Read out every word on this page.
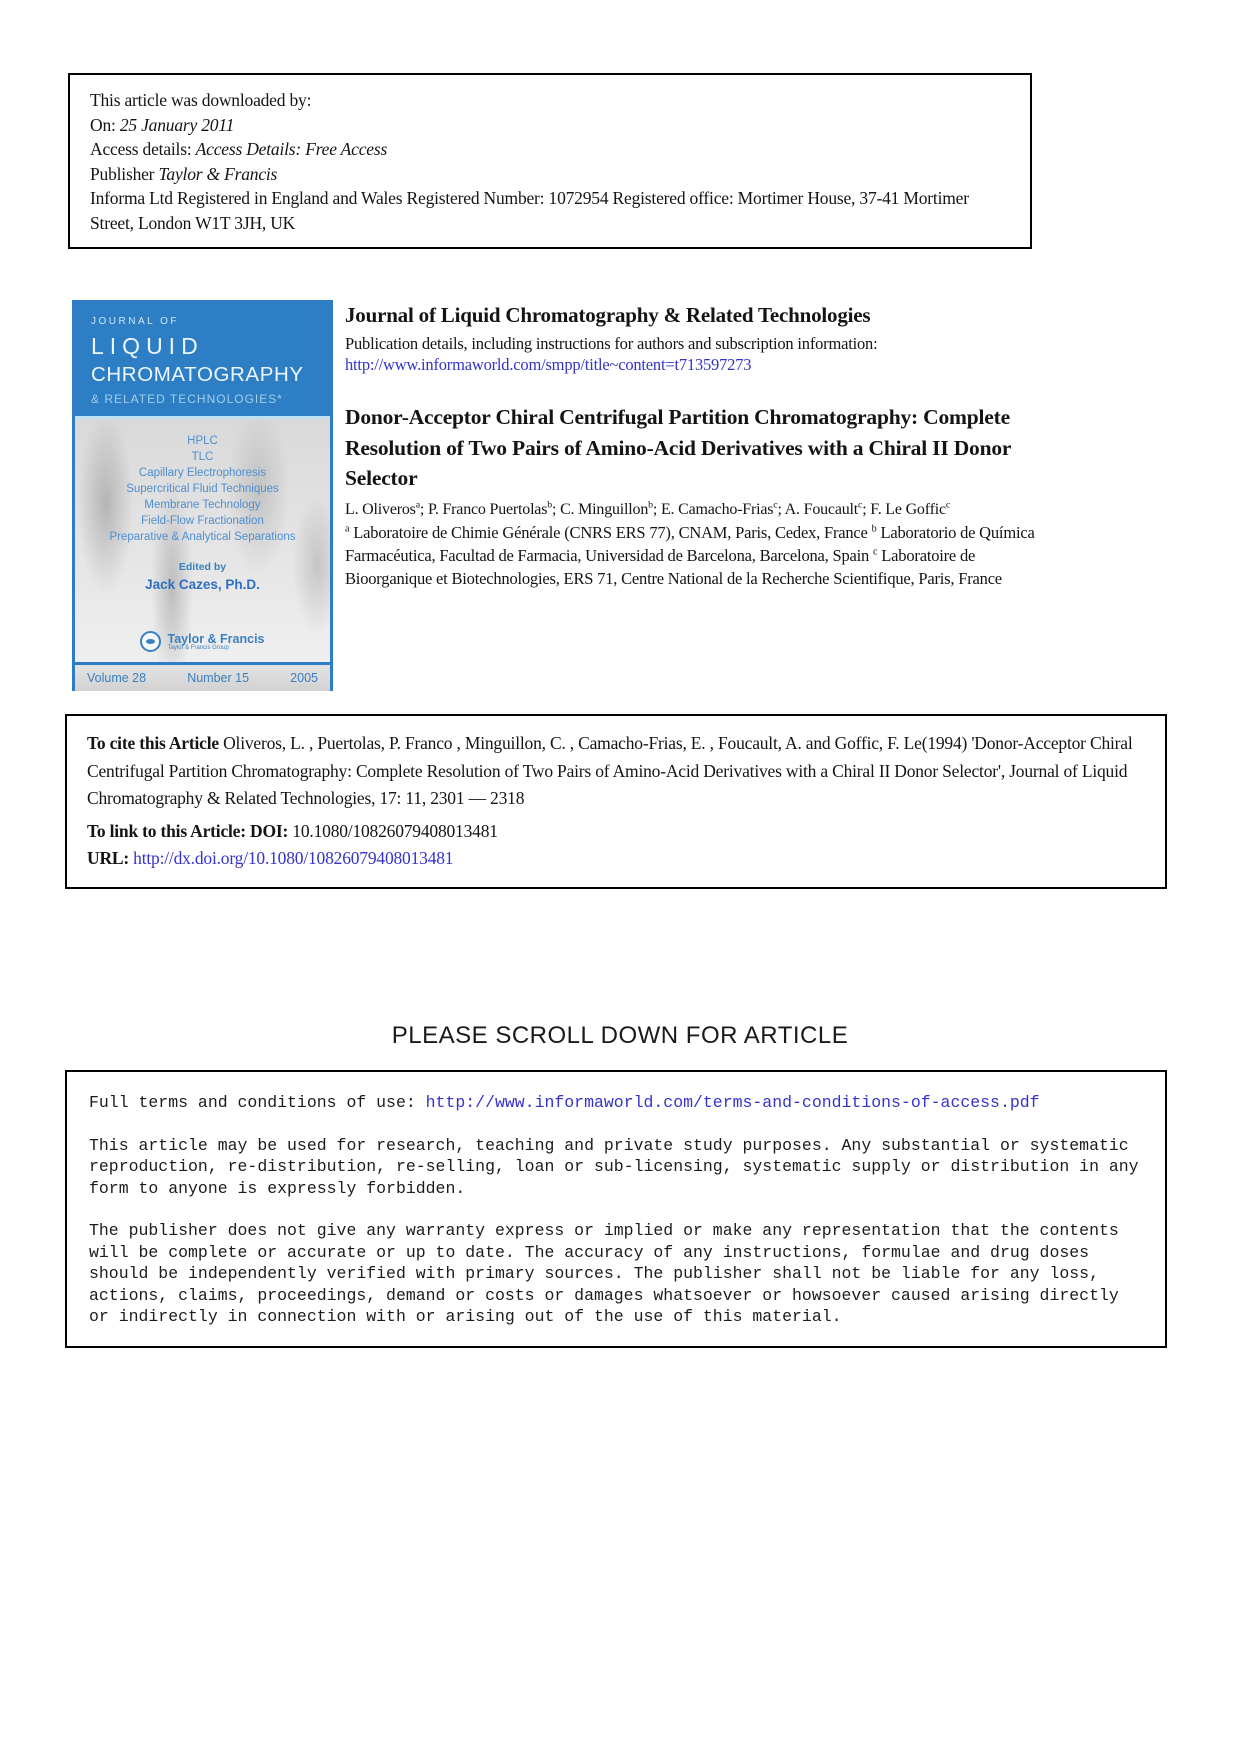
This article was downloaded by:
On: 25 January 2011
Access details: Access Details: Free Access
Publisher Taylor & Francis
Informa Ltd Registered in England and Wales Registered Number: 1072954 Registered office: Mortimer House, 37-41 Mortimer Street, London W1T 3JH, UK
JOURNAL OF
LIQUID
CHROMATOGRAPHY
& RELATED TECHNOLOGIES*
HPLC
TLC
Capillary Electrophoresis
Supercritical Fluid Techniques
Membrane Technology
Field-Flow Fractionation
Preparative & Analytical Separations
Edited by
Jack Cazes, Ph.D.
Taylor & Francis
Taylor & Francis Group
Volume 28	Number 15	2005
Journal of Liquid Chromatography & Related Technologies
Publication details, including instructions for authors and subscription information:
http://www.informaworld.com/smpp/title~content=t713597273
Donor-Acceptor Chiral Centrifugal Partition Chromatography: Complete Resolution of Two Pairs of Amino-Acid Derivatives with a Chiral II Donor Selector
L. Oliveros$^a$; P. Franco Puertolas$^b$; C. Minguillon$^b$; E. Camacho-Frias$^c$; A. Foucault$^c$; F. Le Goffic$^c$
$^a$ Laboratoire de Chimie Générale (CNRS ERS 77), CNAM, Paris, Cedex, France $^b$ Laboratorio de Química Farmacéutica, Facultad de Farmacia, Universidad de Barcelona, Barcelona, Spain $^c$ Laboratoire de Bioorganique et Biotechnologies, ERS 71, Centre National de la Recherche Scientifique, Paris, France

To cite this Article Oliveros, L. , Puertolas, P. Franco , Minguillon, C. , Camacho-Frias, E. , Foucault, A. and Goffic, F. Le(1994) 'Donor-Acceptor Chiral Centrifugal Partition Chromatography: Complete Resolution of Two Pairs of Amino-Acid Derivatives with a Chiral II Donor Selector', Journal of Liquid Chromatography & Related Technologies, 17: 11, 2301 — 2318

To link to this Article: DOI: 10.1080/10826079408013481

URL: http://dx.doi.org/10.1080/10826079408013481

PLEASE SCROLL DOWN FOR ARTICLE

Full terms and conditions of use: http://www.informaworld.com/terms-and-conditions-of-access.pdf

This article may be used for research, teaching and private study purposes. Any substantial or systematic reproduction, re-distribution, re-selling, loan or sub-licensing, systematic supply or distribution in any form to anyone is expressly forbidden.

The publisher does not give any warranty express or implied or make any representation that the contents will be complete or accurate or up to date. The accuracy of any instructions, formulae and drug doses should be independently verified with primary sources. The publisher shall not be liable for any loss, actions, claims, proceedings, demand or costs or damages whatsoever or howsoever caused arising directly or indirectly in connection with or arising out of the use of this material.
